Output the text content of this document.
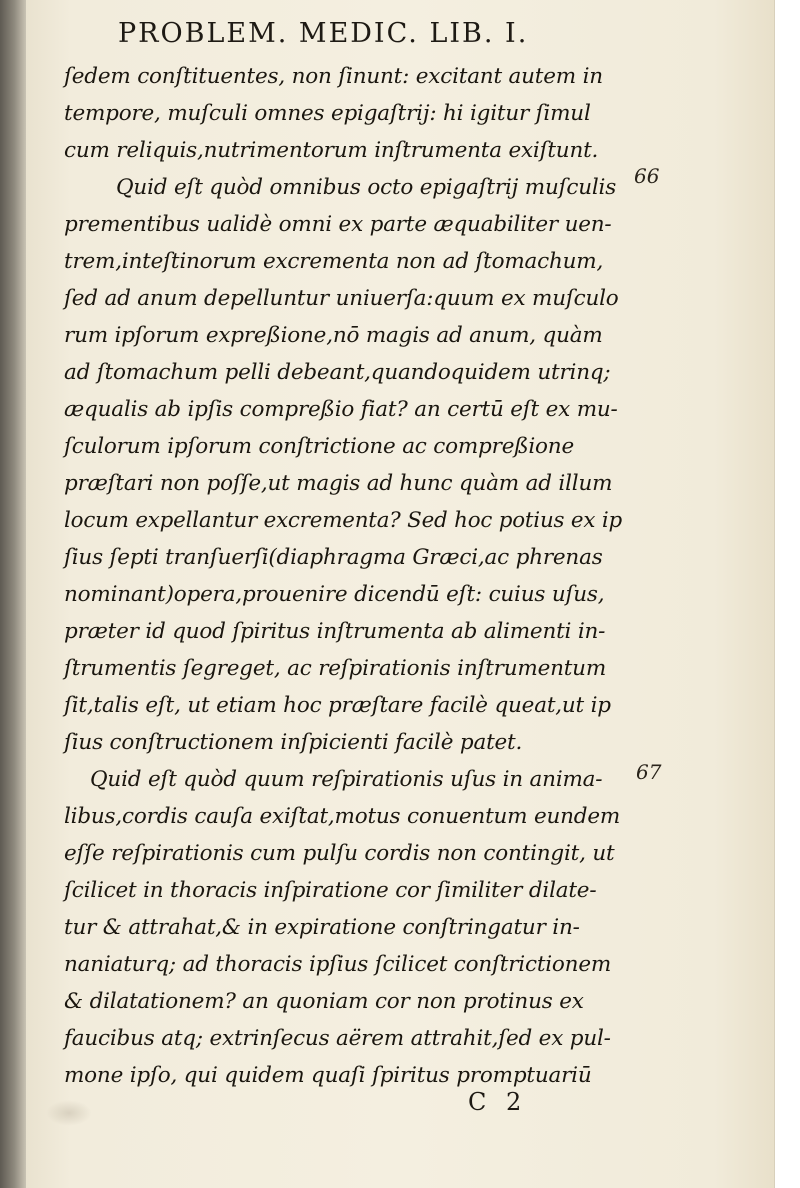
PROBLEM. MEDIC. LIB. I.
ſedem conſtituentes, non ſinunt: excitant autem in
tempore, muſculi omnes epigaſtrij: hi igitur ſimul
cum reliquis,nutrimentorum inſtrumenta exiſtunt.
Quid eſt quòd omnibus octo epigaſtrij muſculis
prementibus ualidè omni ex parte æquabiliter uen-
trem,inteſtinorum excrementa non ad ſtomachum,
ſed ad anum depelluntur uniuerſa:quum ex muſculo
rum ipſorum expreßione,nō magis ad anum, quàm
ad ſtomachum pelli debeant,quandoquidem utrinq;
æqualis ab ipſis compreßio fiat? an certū eſt ex mu-
ſculorum ipſorum conſtrictione ac compreßione
præſtari non poſſe,ut magis ad hunc quàm ad illum
locum expellantur excrementa? Sed hoc potius ex ip
ſius ſepti tranſuerſi(diaphragma Græci,ac phrenas
nominant)opera,prouenire dicendū eſt: cuius uſus,
præter id quod ſpiritus inſtrumenta ab alimenti in-
ſtrumentis ſegreget, ac reſpirationis inſtrumentum
ſit,talis eſt, ut etiam hoc præſtare facilè queat,ut ip
ſius conſtructionem inſpicienti facilè patet.
Quid eſt quòd quum reſpirationis uſus in anima-
libus,cordis cauſa exiſtat,motus conuentum eundem
eſſe reſpirationis cum pulſu cordis non contingit, ut
ſcilicet in thoracis inſpiratione cor ſimiliter dilate-
tur & attrahat,& in expiratione conſtringatur in-
naniaturq; ad thoracis ipſius ſcilicet conſtrictionem
& dilatationem? an quoniam cor non protinus ex
faucibus atq; extrinſecus aërem attrahit,ſed ex pul-
mone ipſo, qui quidem quaſi ſpiritus promptuariū
66
67
C 2
